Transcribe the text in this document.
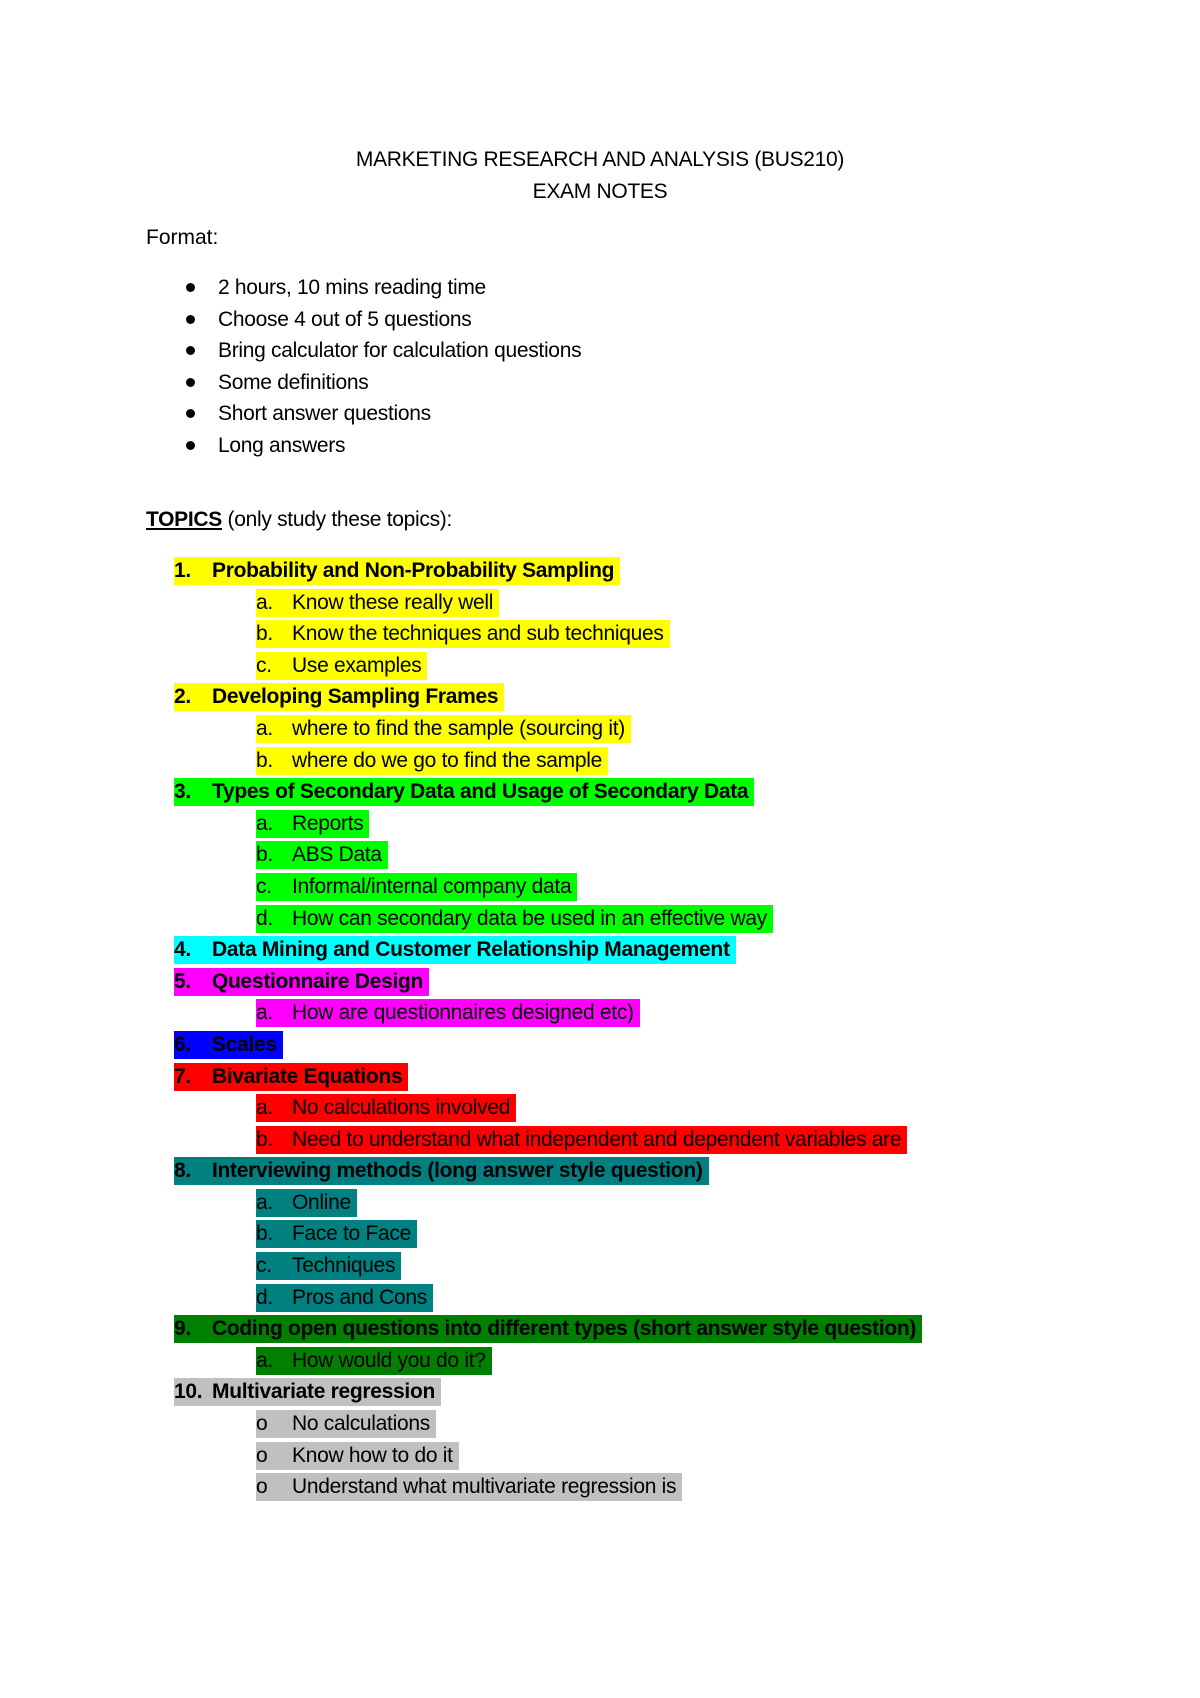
MARKETING RESEARCH AND ANALYSIS (BUS210)
EXAM NOTES
Format:
2 hours, 10 mins reading time
Choose 4 out of 5 questions
Bring calculator for calculation questions
Some definitions
Short answer questions
Long answers
TOPICS (only study these topics):
1. Probability and Non-Probability Sampling
a. Know these really well
b. Know the techniques and sub techniques
c. Use examples
2. Developing Sampling Frames
a. where to find the sample (sourcing it)
b. where do we go to find the sample
3. Types of Secondary Data and Usage of Secondary Data
a. Reports
b. ABS Data
c. Informal/internal company data
d. How can secondary data be used in an effective way
4. Data Mining and Customer Relationship Management
5. Questionnaire Design
a. How are questionnaires designed etc)
6. Scales
7. Bivariate Equations
a. No calculations involved
b. Need to understand what independent and dependent variables are
8. Interviewing methods (long answer style question)
a. Online
b. Face to Face
c. Techniques
d. Pros and Cons
9. Coding open questions into different types (short answer style question)
a. How would you do it?
10. Multivariate regression
o No calculations
o Know how to do it
o Understand what multivariate regression is
